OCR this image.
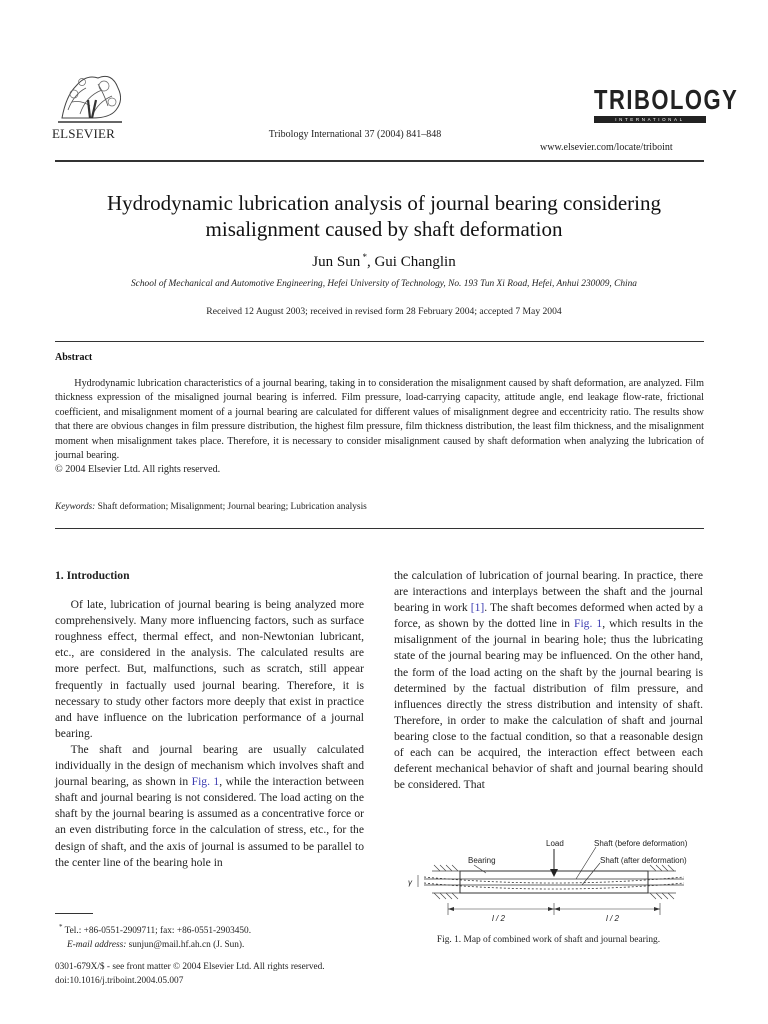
ELSEVIER	Tribology International 37 (2004) 841–848
TRIBOLOGY
INTERNATIONAL
www.elsevier.com/locate/triboint
Hydrodynamic lubrication analysis of journal bearing considering
misalignment caused by shaft deformation
Jun Sun *, Gui Changlin
School of Mechanical and Automotive Engineering, Hefei University of Technology, No. 193 Tun Xi Road, Hefei, Anhui 230009, China
Received 12 August 2003; received in revised form 28 February 2004; accepted 7 May 2004
Abstract

Hydrodynamic lubrication characteristics of a journal bearing, taking in to consideration the misalignment caused by shaft deformation, are analyzed. Film thickness expression of the misaligned journal bearing is inferred. Film pressure, load-carrying capacity, attitude angle, end leakage flow-rate, frictional coefficient, and misalignment moment of a journal bearing are calculated for different values of misalignment degree and eccentricity ratio. The results show that there are obvious changes in film pressure distribution, the highest film pressure, film thickness distribution, the least film thickness, and the misalignment moment when misalignment takes place. Therefore, it is necessary to consider misalignment caused by shaft deformation when analyzing the lubrication of journal bearing.

© 2004 Elsevier Ltd. All rights reserved.

Keywords: Shaft deformation; Misalignment; Journal bearing; Lubrication analysis
1. Introduction

Of late, lubrication of journal bearing is being analyzed more comprehensively. Many more influencing factors, such as surface roughness effect, thermal effect, and non-Newtonian lubricant, etc., are considered in the analysis. The calculated results are more perfect. But, malfunctions, such as scratch, still appear frequently in factually used journal bearing. Therefore, it is necessary to study other factors more deeply that exist in practice and have influence on the lubrication performance of a journal bearing.

The shaft and journal bearing are usually calculated individually in the design of mechanism which involves shaft and journal bearing, as shown in Fig. 1, while the interaction between shaft and journal bearing is not considered. The load acting on the shaft by the journal bearing is assumed as a concentrative force or an even distributing force in the calculation of stress, etc., for the design of shaft, and the axis of journal is assumed to be parallel to the center line of the bearing hole in

the calculation of lubrication of journal bearing. In practice, there are interactions and interplays between the shaft and the journal bearing in work [1]. The shaft becomes deformed when acted by a force, as shown by the dotted line in Fig. 1, which results in the misalignment of the journal in bearing hole; thus the lubricating state of the journal bearing may be influenced. On the other hand, the form of the load acting on the shaft by the journal bearing is determined by the factual distribution of film pressure, and influences directly the stress distribution and intensity of shaft. Therefore, in order to make the calculation of shaft and journal bearing close to the factual condition, so that a reasonable design of each can be acquired, the interaction effect between each deferent mechanical behavior of shaft and journal bearing should be considered. That

Load	Shaft (before deformation)
Shaft (after deformation)
Bearing
γ
l / 2	l / 2
Fig. 1. Map of combined work of shaft and journal bearing.
* Tel.: +86-0551-2909711; fax: +86-0551-2903450.
E-mail address: sunjun@mail.hf.ah.cn (J. Sun).
0301-679X/$ - see front matter © 2004 Elsevier Ltd. All rights reserved.
doi:10.1016/j.triboint.2004.05.007
